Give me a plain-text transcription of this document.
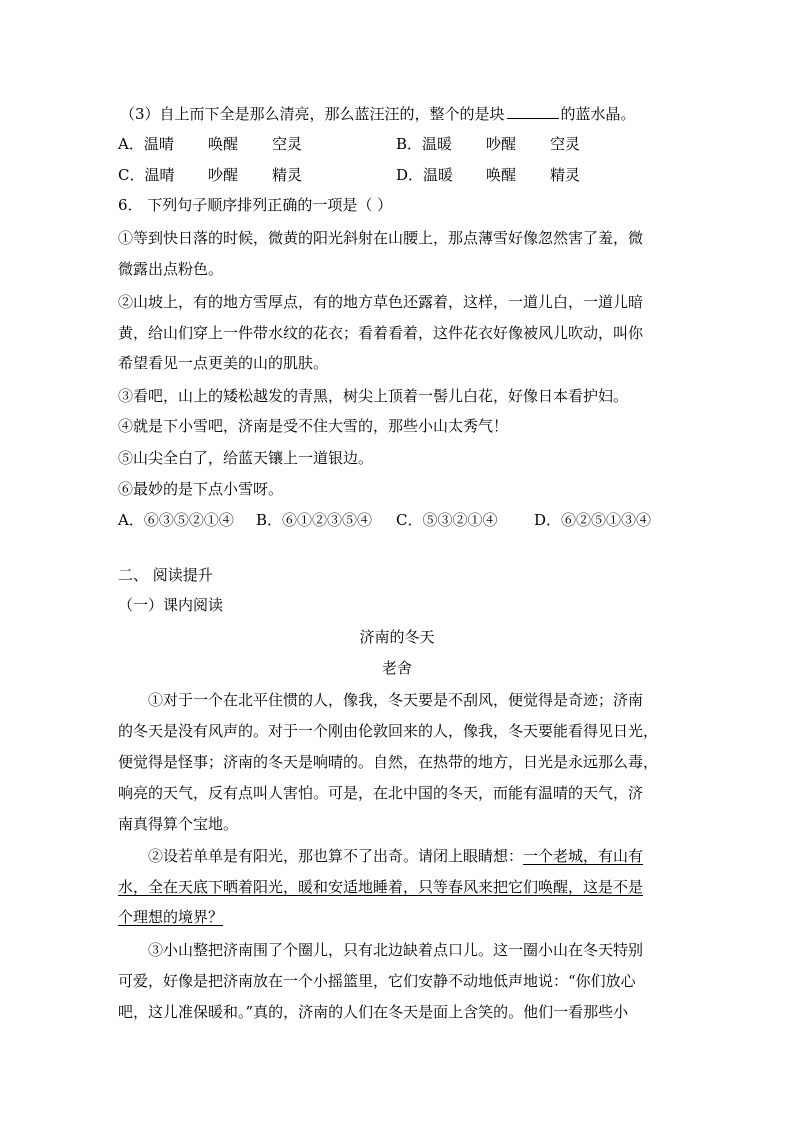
（3）自上而下全是那么清亮，那么蓝汪汪的，整个的是块	的蓝水晶。
A．温晴 唤醒 空灵	B．温暖 吵醒 空灵
C．温晴 吵醒 精灵	D．温暖 唤醒 精灵
6． 下列句子顺序排列正确的一项是（ ）
①等到快日落的时候，微黄的阳光斜射在山腰上，那点薄雪好像忽然害了羞，微
微露出点粉色。
②山坡上，有的地方雪厚点，有的地方草色还露着，这样，一道儿白，一道儿暗
黄，给山们穿上一件带水纹的花衣；看着看着，这件花衣好像被风儿吹动，叫你
希望看见一点更美的山的肌肤。
③看吧，山上的矮松越发的青黑，树尖上顶着一髻儿白花，好像日本看护妇。
④就是下小雪吧，济南是受不住大雪的，那些小山太秀气！
⑤山尖全白了，给蓝天镶上一道银边。
⑥最妙的是下点小雪呀。
A．⑥③⑤②①④ B．⑥①②③⑤④ C．⑤③②①④ D．⑥②⑤①③④
二、 阅读提升
（一）课内阅读
济南的冬天
老舍
①对于一个在北平住惯的人，像我，冬天要是不刮风，便觉得是奇迹；济南
的冬天是没有风声的。对于一个刚由伦敦回来的人，像我，冬天要能看得见日光，
便觉得是怪事；济南的冬天是响晴的。自然，在热带的地方，日光是永远那么毒，
响亮的天气，反有点叫人害怕。可是，在北中国的冬天，而能有温晴的天气，济
南真得算个宝地。
②设若单单是有阳光，那也算不了出奇。请闭上眼睛想：一个老城，有山有
水，全在天底下晒着阳光，暖和安适地睡着，只等春风来把它们唤醒，这是不是
个理想的境界？
③小山整把济南围了个圈儿，只有北边缺着点口儿。这一圈小山在冬天特别
可爱，好像是把济南放在一个小摇篮里，它们安静不动地低声地说：“你们放心
吧，这儿准保暖和。”真的，济南的人们在冬天是面上含笑的。他们一看那些小
